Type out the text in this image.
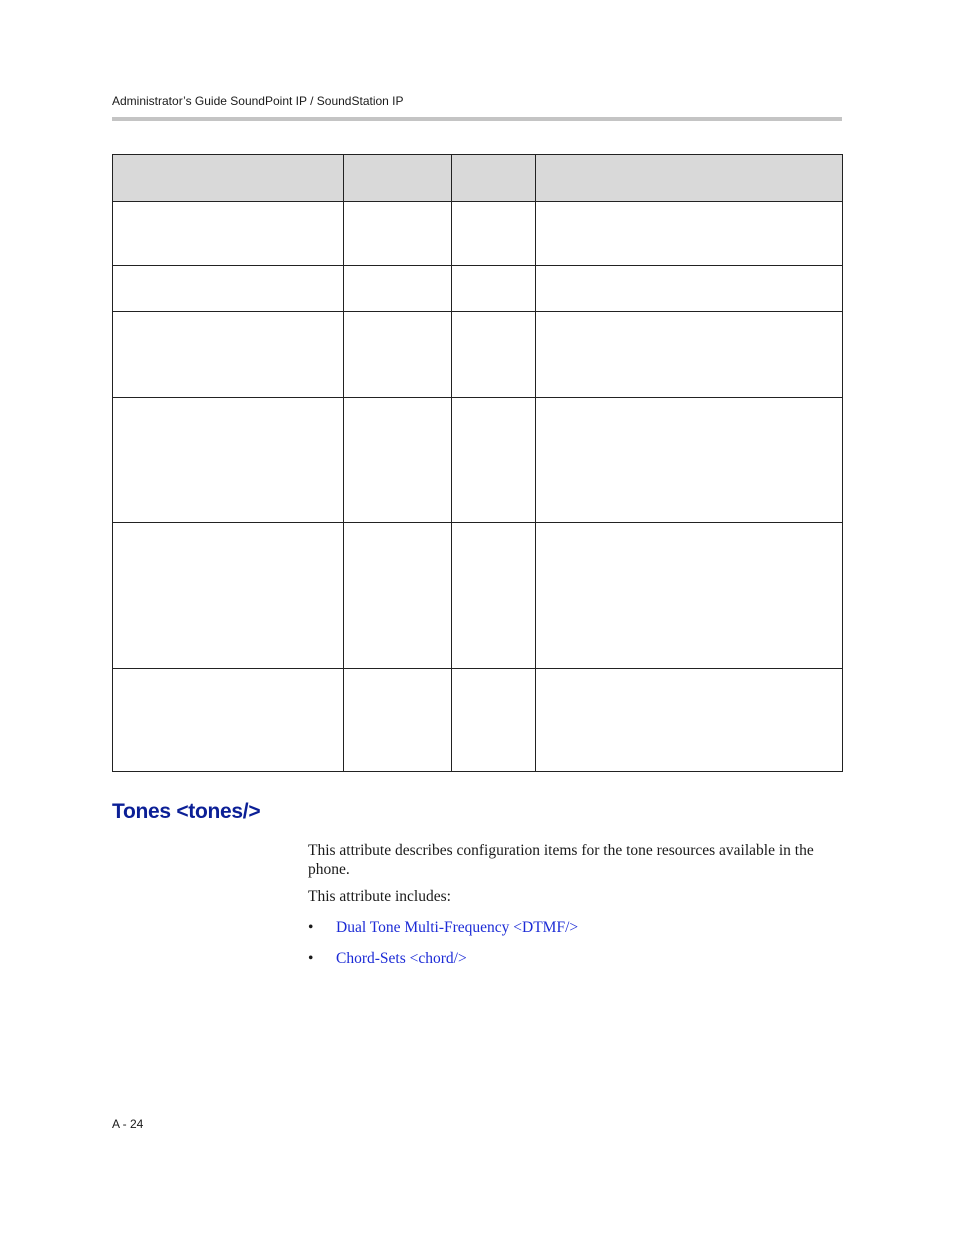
Administrator’s Guide SoundPoint IP / SoundStation IP

Tones <tones/>

This attribute describes configuration items for the tone resources available in the phone.

This attribute includes:

• Dual Tone Multi-Frequency <DTMF/>
• Chord-Sets <chord/>
A - 24
